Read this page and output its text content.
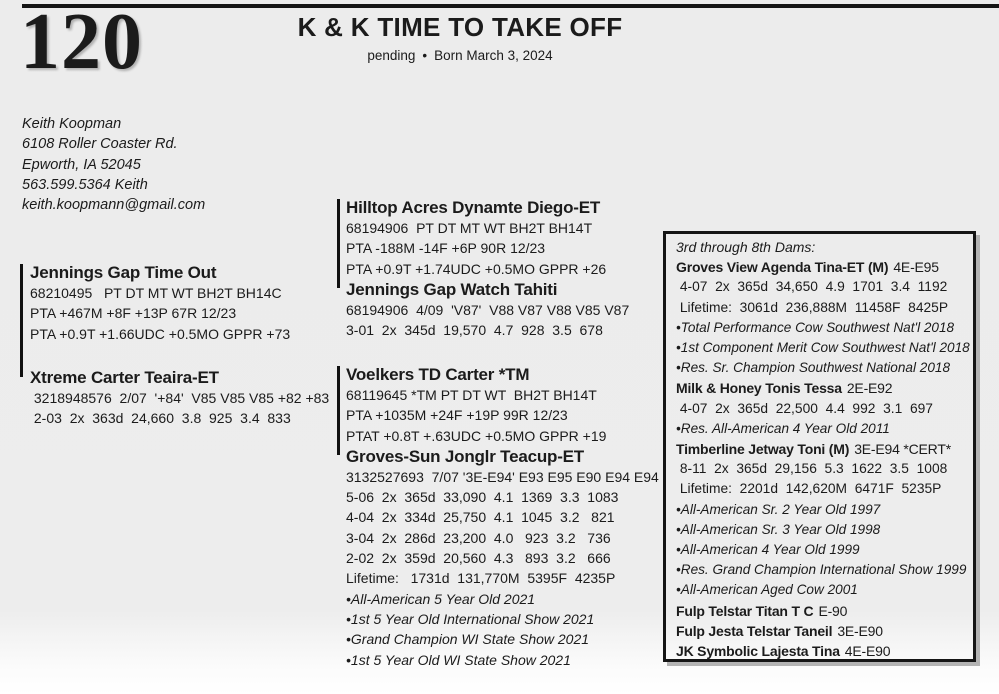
120	K & K TIME TO TAKE OFF
pending • Born March 3, 2024
Keith Koopman
6108 Roller Coaster Rd.
Epworth, IA 52045
563.599.5364 Keith
keith.koopmann@gmail.com
Jennings Gap Time Out
68210495   PT DT MT WT BH2T BH14C
PTA +467M +8F +13P 67R 12/23
PTA +0.9T +1.66UDC +0.5MO GPPR +73
Xtreme Carter Teaira-ET
3218948576  2/07  '+84'  V85 V85 V85 +82 +83
2-03  2x  363d  24,660  3.8  925  3.4  833
Hilltop Acres Dynamte Diego-ET
68194906  PT DT MT WT BH2T BH14T
PTA -188M -14F +6P 90R 12/23
PTA +0.9T +1.74UDC +0.5MO GPPR +26
Jennings Gap Watch Tahiti
68194906  4/09  'V87'  V88 V87 V88 V85 V87
3-01  2x  345d  19,570  4.7  928  3.5  678
Voelkers TD Carter *TM
68119645 *TM PT DT WT  BH2T BH14T
PTA +1035M +24F +19P 99R 12/23
PTAT +0.8T +.63UDC +0.5MO GPPR +19
Groves-Sun Jonglr Teacup-ET
3132527693  7/07 '3E-E94' E93 E95 E90 E94 E94
5-06  2x  365d  33,090  4.1  1369  3.3  1083
4-04  2x  334d  25,750  4.1  1045  3.2   821
3-04  2x  286d  23,200  4.0   923  3.2   736
2-02  2x  359d  20,560  4.3   893  3.2   666
Lifetime:   1731d  131,770M  5395F  4235P
•All-American 5 Year Old 2021
•1st 5 Year Old International Show 2021
•Grand Champion WI State Show 2021
•1st 5 Year Old WI State Show 2021
3rd through 8th Dams:
Groves View Agenda Tina-ET (M) 4E-E95
4-07  2x  365d  34,650  4.9  1701  3.4  1192
Lifetime:  3061d  236,888M  11458F  8425P
•Total Performance Cow Southwest Nat'l 2018
•1st Component Merit Cow Southwest Nat'l 2018
•Res. Sr. Champion Southwest National 2018
Milk & Honey Tonis Tessa 2E-E92
4-07  2x  365d  22,500  4.4  992  3.1  697
•Res. All-American 4 Year Old 2011
Timberline Jetway Toni (M) 3E-E94 *CERT*
8-11  2x  365d  29,156  5.3  1622  3.5  1008
Lifetime:  2201d  142,620M  6471F  5235P
•All-American Sr. 2 Year Old 1997
•All-American Sr. 3 Year Old 1998
•All-American 4 Year Old 1999
•Res. Grand Champion International Show 1999
•All-American Aged Cow 2001
Fulp Telstar Titan T C E-90
Fulp Jesta Telstar Taneil 3E-E90
JK Symbolic Lajesta Tina 4E-E90
